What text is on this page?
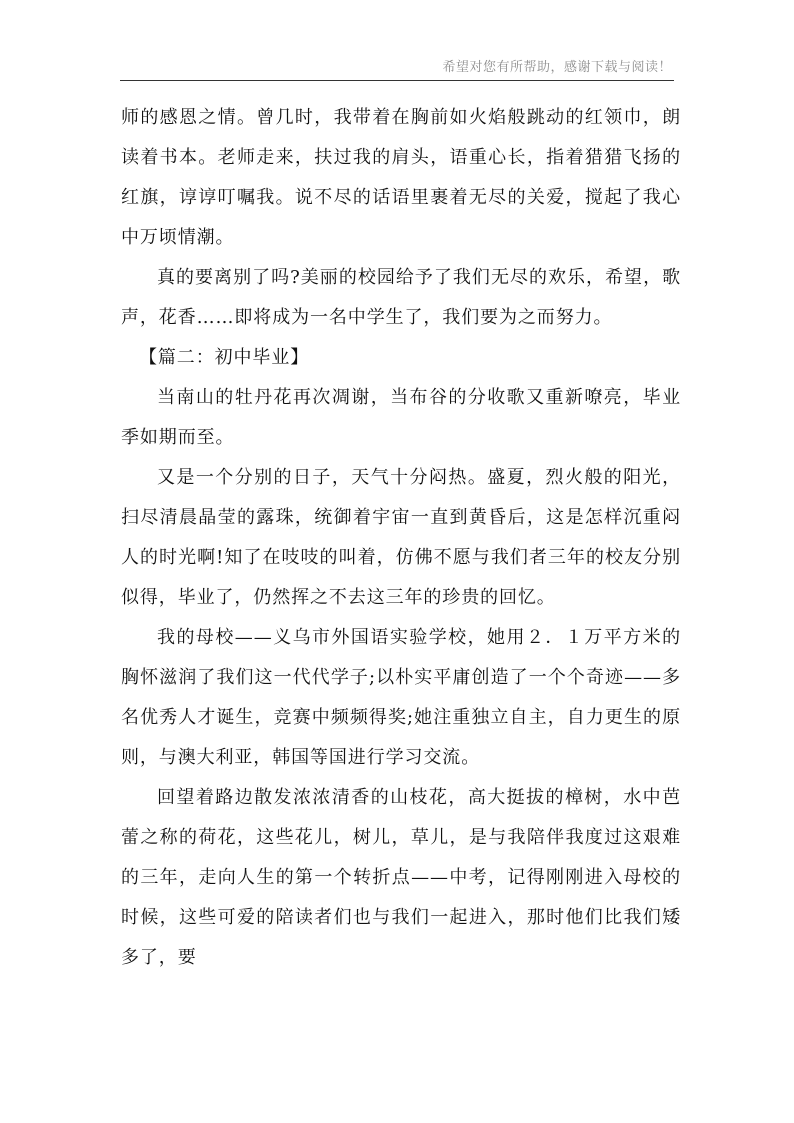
希望对您有所帮助，感谢下载与阅读！

师的感恩之情。曾几时，我带着在胸前如火焰般跳动的红领巾，朗读着书本。老师走来，扶过我的肩头，语重心长，指着猎猎飞扬的红旗，谆谆叮嘱我。说不尽的话语里裹着无尽的关爱，搅起了我心中万顷情潮。

真的要离别了吗?美丽的校园给予了我们无尽的欢乐，希望，歌声，花香……即将成为一名中学生了，我们要为之而努力。

【篇二：初中毕业】

当南山的牡丹花再次凋谢，当布谷的分收歌又重新嘹亮，毕业季如期而至。

又是一个分别的日子，天气十分闷热。盛夏，烈火般的阳光，扫尽清晨晶莹的露珠，统御着宇宙一直到黄昏后，这是怎样沉重闷人的时光啊!知了在吱吱的叫着，仿佛不愿与我们者三年的校友分别似得，毕业了，仍然挥之不去这三年的珍贵的回忆。

我的母校——义乌市外国语实验学校，她用２．１万平方米的胸怀滋润了我们这一代代学子;以朴实平庸创造了一个个奇迹——多名优秀人才诞生，竞赛中频频得奖;她注重独立自主，自力更生的原则，与澳大利亚，韩国等国进行学习交流。

回望着路边散发浓浓清香的山枝花，高大挺拔的樟树，水中芭蕾之称的荷花，这些花儿，树儿，草儿，是与我陪伴我度过这艰难的三年，走向人生的第一个转折点——中考，记得刚刚进入母校的时候，这些可爱的陪读者们也与我们一起进入，那时他们比我们矮多了，要
